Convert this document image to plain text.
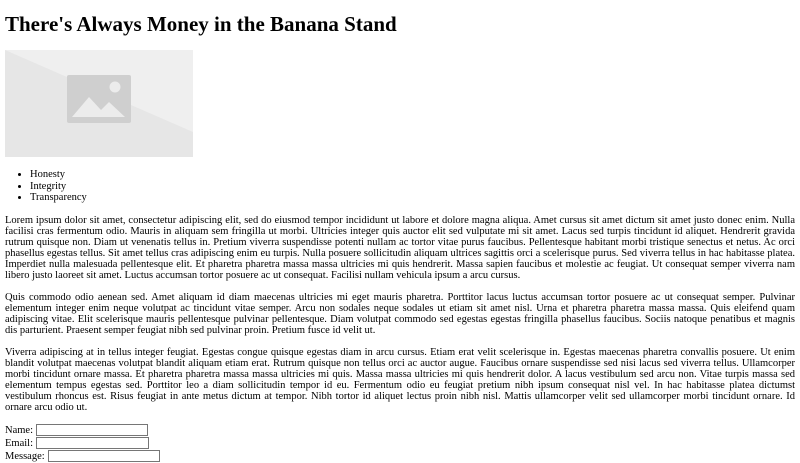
There's Always Money in the Banana Stand
• Honesty
• Integrity
• Transparency

Lorem ipsum dolor sit amet, consectetur adipiscing elit, sed do eiusmod tempor incididunt ut labore et dolore magna aliqua. Amet cursus sit amet dictum sit amet justo donec enim. Nulla facilisi cras fermentum odio. Mauris in aliquam sem fringilla ut morbi. Ultricies integer quis auctor elit sed vulputate mi sit amet. Lacus sed turpis tincidunt id aliquet. Hendrerit gravida rutrum quisque non. Diam ut venenatis tellus in. Pretium viverra suspendisse potenti nullam ac tortor vitae purus faucibus. Pellentesque habitant morbi tristique senectus et netus. Ac orci phasellus egestas tellus. Sit amet tellus cras adipiscing enim eu turpis. Nulla posuere sollicitudin aliquam ultrices sagittis orci a scelerisque purus. Sed viverra tellus in hac habitasse platea. Imperdiet nulla malesuada pellentesque elit. Et pharetra pharetra massa massa ultricies mi quis hendrerit. Massa sapien faucibus et molestie ac feugiat. Ut consequat semper viverra nam libero justo laoreet sit amet. Luctus accumsan tortor posuere ac ut consequat. Facilisi nullam vehicula ipsum a arcu cursus.

Quis commodo odio aenean sed. Amet aliquam id diam maecenas ultricies mi eget mauris pharetra. Porttitor lacus luctus accumsan tortor posuere ac ut consequat semper. Pulvinar elementum integer enim neque volutpat ac tincidunt vitae semper. Arcu non sodales neque sodales ut etiam sit amet nisl. Urna et pharetra pharetra massa massa. Quis eleifend quam adipiscing vitae. Elit scelerisque mauris pellentesque pulvinar pellentesque. Diam volutpat commodo sed egestas egestas fringilla phasellus faucibus. Sociis natoque penatibus et magnis dis parturient. Praesent semper feugiat nibh sed pulvinar proin. Pretium fusce id velit ut.

Viverra adipiscing at in tellus integer feugiat. Egestas congue quisque egestas diam in arcu cursus. Etiam erat velit scelerisque in. Egestas maecenas pharetra convallis posuere. Ut enim blandit volutpat maecenas volutpat blandit aliquam etiam erat. Rutrum quisque non tellus orci ac auctor augue. Faucibus ornare suspendisse sed nisi lacus sed viverra tellus. Ullamcorper morbi tincidunt ornare massa. Et pharetra pharetra massa massa ultricies mi quis. Massa massa ultricies mi quis hendrerit dolor. A lacus vestibulum sed arcu non. Vitae turpis massa sed elementum tempus egestas sed. Porttitor leo a diam sollicitudin tempor id eu. Fermentum odio eu feugiat pretium nibh ipsum consequat nisl vel. In hac habitasse platea dictumst vestibulum rhoncus est. Risus feugiat in ante metus dictum at tempor. Nibh tortor id aliquet lectus proin nibh nisl. Mattis ullamcorper velit sed ullamcorper morbi tincidunt ornare. Id ornare arcu odio ut.

Name:
Email:
Message:
